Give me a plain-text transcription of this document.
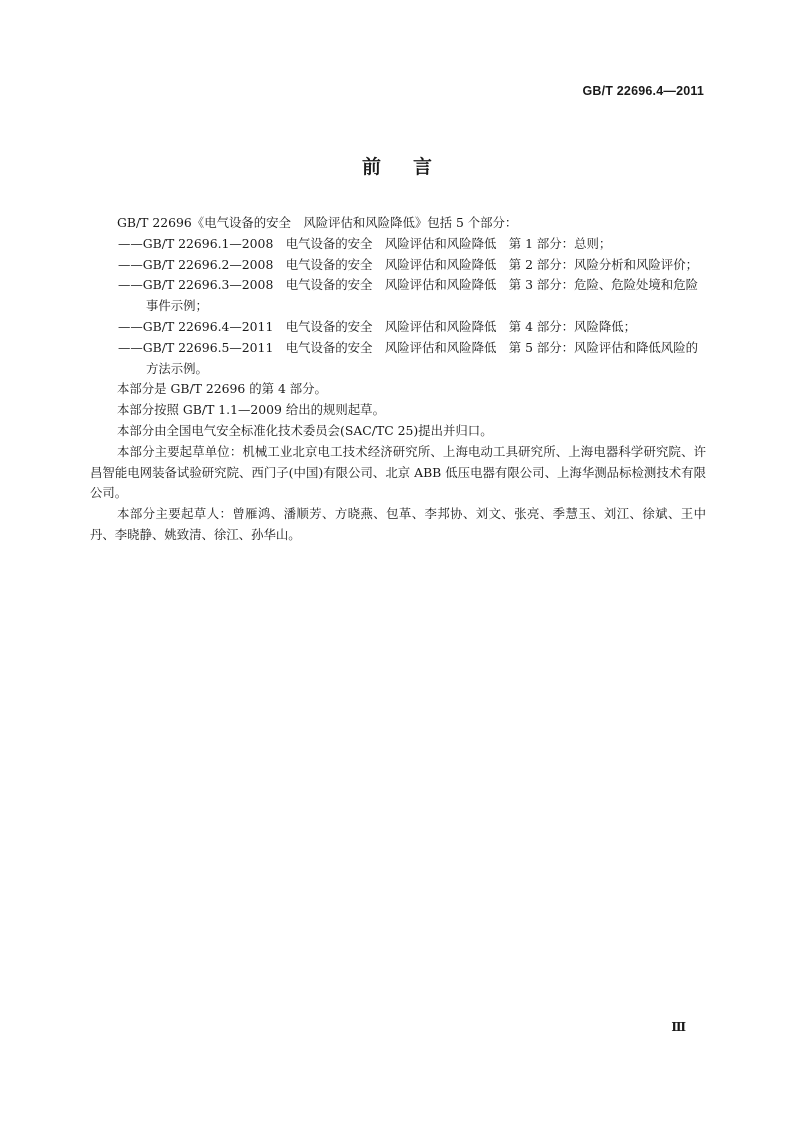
GB/T 22696.4—2011
前言

GB/T 22696《电气设备的安全　风险评估和风险降低》包括 5 个部分：

——GB/T 22696.1—2008　电气设备的安全　风险评估和风险降低　第 1 部分：总则；

——GB/T 22696.2—2008　电气设备的安全　风险评估和风险降低　第 2 部分：风险分析和风险评价；

——GB/T 22696.3—2008　电气设备的安全　风险评估和风险降低　第 3 部分：危险、危险处境和危险事件示例；

——GB/T 22696.4—2011　电气设备的安全　风险评估和风险降低　第 4 部分：风险降低；

——GB/T 22696.5—2011　电气设备的安全　风险评估和风险降低　第 5 部分：风险评估和降低风险的方法示例。

本部分是 GB/T 22696 的第 4 部分。

本部分按照 GB/T 1.1—2009 给出的规则起草。

本部分由全国电气安全标准化技术委员会(SAC/TC 25)提出并归口。

本部分主要起草单位：机械工业北京电工技术经济研究所、上海电动工具研究所、上海电器科学研究院、许昌智能电网装备试验研究院、西门子(中国)有限公司、北京 ABB 低压电器有限公司、上海华测品标检测技术有限公司。

本部分主要起草人：曾雁鸿、潘顺芳、方晓燕、包革、李邦协、刘文、张亮、季慧玉、刘江、徐斌、王中丹、李晓静、姚致清、徐江、孙华山。

Ⅲ
